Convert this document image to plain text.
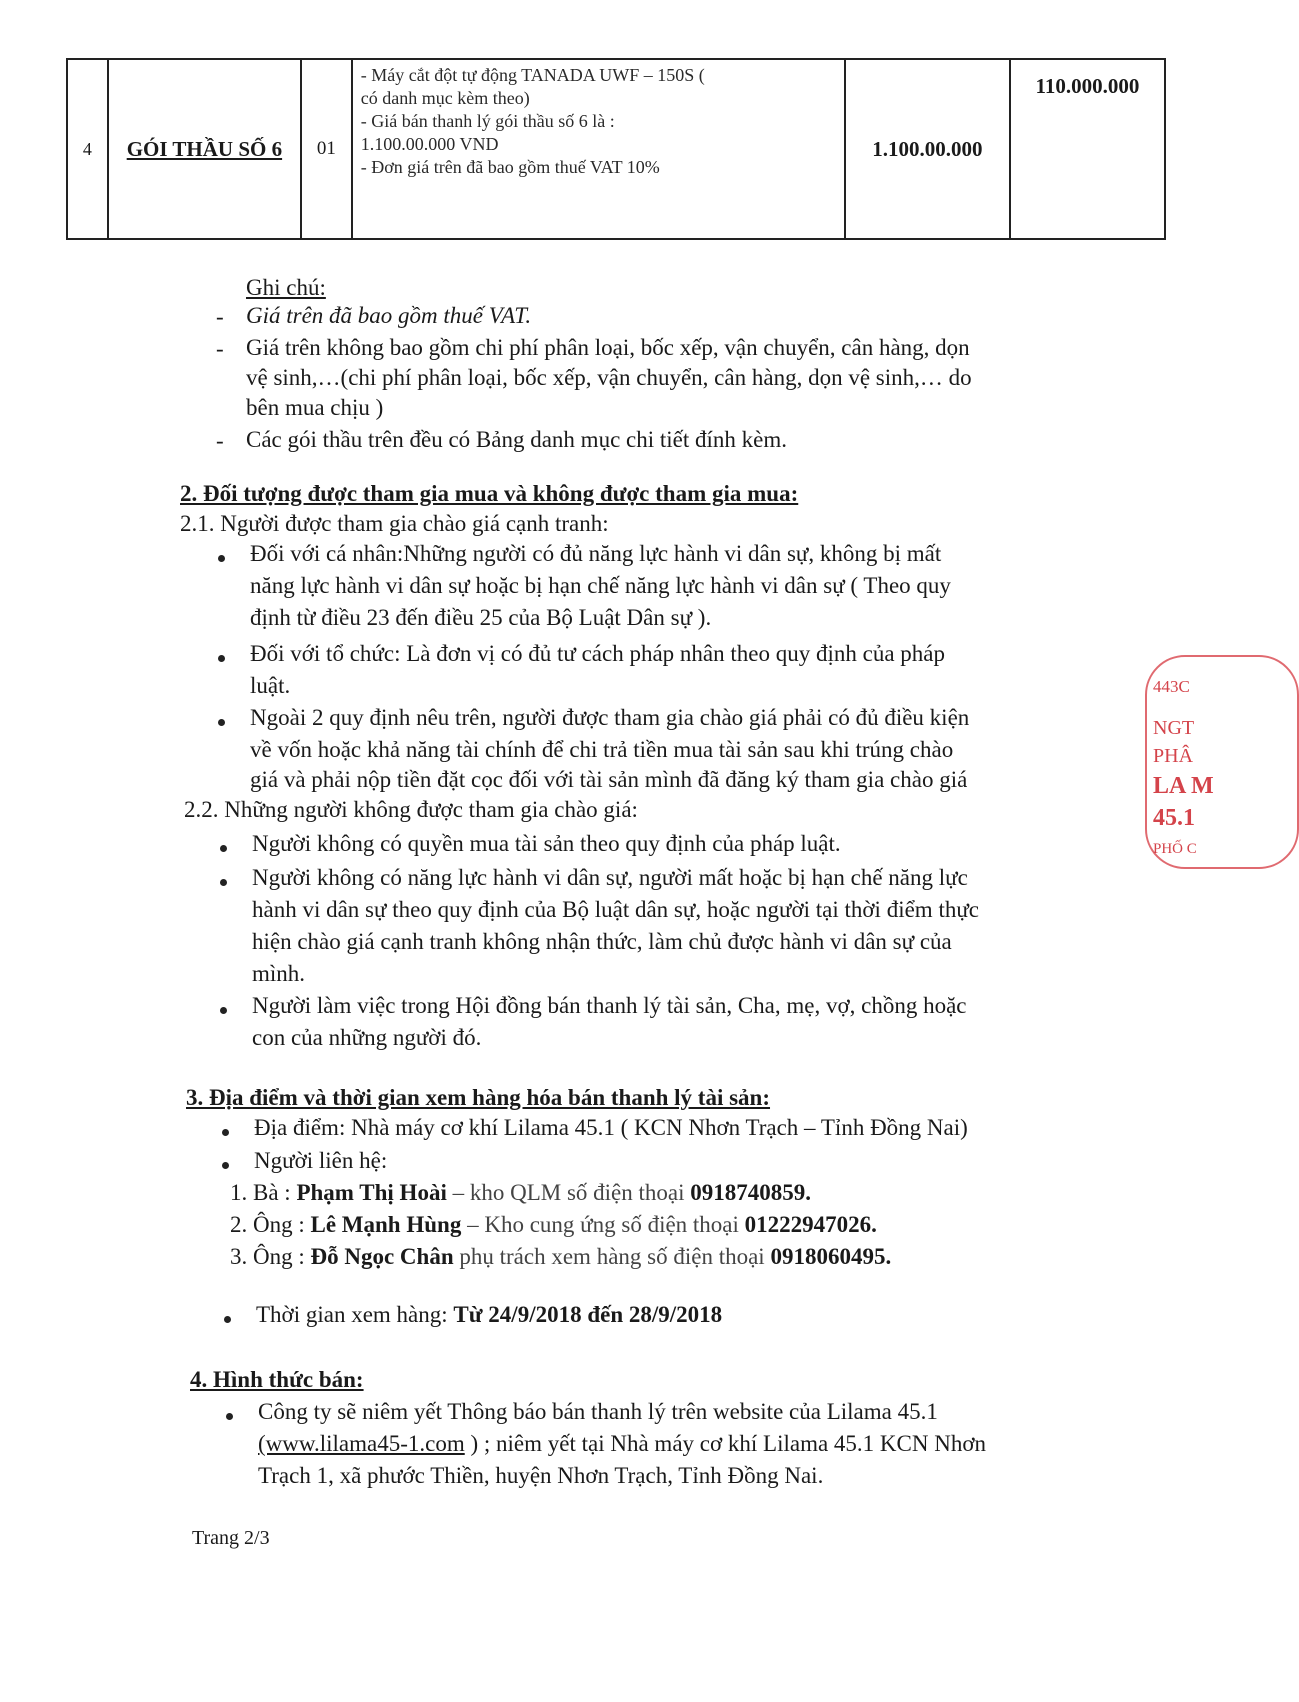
4	GÓI THẦU SỐ 6	01	
- Máy cắt đột tự động TANADA UWF – 150S (
có danh mục kèm theo)
- Giá bán thanh lý gói thầu số 6 là :
1.100.00.000 VND
- Đơn giá trên đã bao gồm thuế VAT 10%
	1.100.00.000	110.000.000
Ghi chú:
- Giá trên đã bao gồm thuế VAT.
- Giá trên không bao gồm chi phí phân loại, bốc xếp, vận chuyển, cân hàng, dọn
vệ sinh,…(chi phí phân loại, bốc xếp, vận chuyển, cân hàng, dọn vệ sinh,… do
bên mua chịu )
- Các gói thầu trên đều có Bảng danh mục chi tiết đính kèm.
2. Đối tượng được tham gia mua và không được tham gia mua:
2.1. Người được tham gia chào giá cạnh tranh:
Đối với cá nhân:Những người có đủ năng lực hành vi dân sự, không bị mất
năng lực hành vi dân sự hoặc bị hạn chế năng lực hành vi dân sự ( Theo quy
định từ điều 23 đến điều 25 của Bộ Luật Dân sự ).
Đối với tổ chức: Là đơn vị có đủ tư cách pháp nhân theo quy định của pháp
luật.
Ngoài 2 quy định nêu trên, người được tham gia chào giá phải có đủ điều kiện
về vốn hoặc khả năng tài chính để chi trả tiền mua tài sản sau khi trúng chào
giá và phải nộp tiền đặt cọc đối với tài sản mình đã đăng ký tham gia chào giá
2.2. Những người không được tham gia chào giá:
Người không có quyền mua tài sản theo quy định của pháp luật.
Người không có năng lực hành vi dân sự, người mất hoặc bị hạn chế năng lực
hành vi dân sự theo quy định của Bộ luật dân sự, hoặc người tại thời điểm thực
hiện chào giá cạnh tranh không nhận thức, làm chủ được hành vi dân sự của
mình.
Người làm việc trong Hội đồng bán thanh lý tài sản, Cha, mẹ, vợ, chồng hoặc
con của những người đó.
3. Địa điểm và thời gian xem hàng hóa bán thanh lý tài sản:
Địa điểm: Nhà máy cơ khí Lilama 45.1 ( KCN Nhơn Trạch – Tỉnh Đồng Nai)
Người liên hệ:
1. Bà : Phạm Thị Hoài – kho QLM số điện thoại 0918740859.
2. Ông : Lê Mạnh Hùng – Kho cung ứng số điện thoại 01222947026.
3. Ông : Đỗ Ngọc Chân phụ trách xem hàng số điện thoại 0918060495.
Thời gian xem hàng: Từ 24/9/2018 đến 28/9/2018
4. Hình thức bán:
Công ty sẽ niêm yết Thông báo bán thanh lý trên website của Lilama 45.1
(www.lilama45-1.com ) ; niêm yết tại Nhà máy cơ khí Lilama 45.1 KCN Nhơn
Trạch 1, xã phước Thiền, huyện Nhơn Trạch, Tỉnh Đồng Nai.
Trang 2/3
443C
NGT
PHÂ
LA M
45.1
PHỐ C
